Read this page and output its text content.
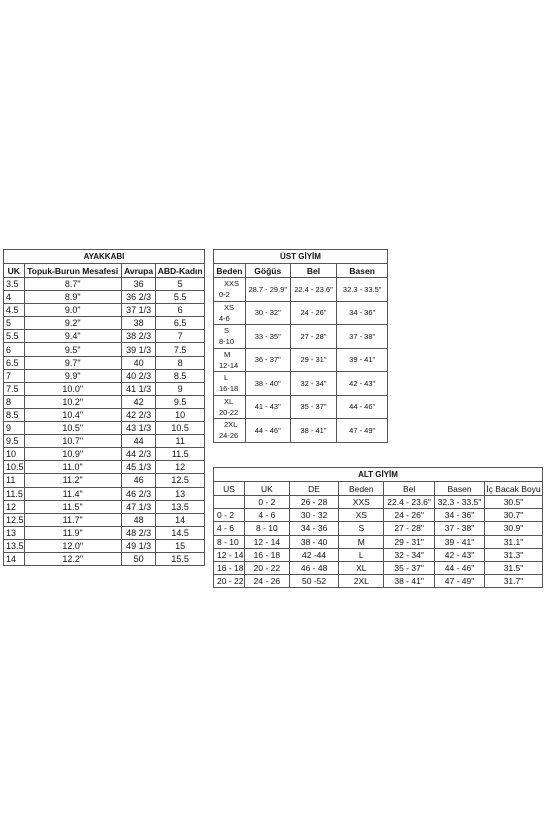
AYAKKABI			
UK	Topuk-Burun Mesafesi	Avrupa	ABD-Kadın
3.5	8.7"	36	5
4	8.9"	36 2/3	5.5
4.5	9.0"	37 1/3	6
5	9.2"	38	6.5
5.5	9.4"	38 2/3	7
6	9.5"	39 1/3	7.5
6.5	9.7"	40	8
7	9.9"	40 2/3	8.5
7.5	10.0"	41 1/3	9
8	10.2"	42	9.5
8.5	10.4"	42 2/3	10
9	10.5"	43 1/3	10.5
9.5	10.7"	44	11
10	10.9"	44 2/3	11.5
10.5	11.0"	45 1/3	12
11	11.2"	46	12.5
11.5	11.4"	46 2/3	13
12	11.5"	47 1/3	13.5
12.5	11.7"	48	14
13	11.9"	48 2/3	14.5
13.5	12.0"	49 1/3	15
14	12.2"	50	15.5
ÜST GİYİM			
Beden	Göğüs	Bel	Basen

XXS
0-2	28.7 - 29.9"	22.4 - 23.6"	32.3 - 33.5"

XS
4-6	30 - 32"	24 - 26"	34 - 36"

S
8-10	33 - 35"	27 - 28"	37 - 38"

M
12-14	36 - 37"	29 - 31"	39 - 41"

L
16-18	38 - 40"	32 - 34"	42 - 43"

XL
20-22	41 - 43"	35 - 37"	44 - 46"

2XL
24-26	44 - 46"	38 - 41"	47 - 49"
ALT GİYİM						
US	UK	DE	Beden	Bel	Basen	İç Bacak Boyu
	0 - 2	26 - 28	XXS	22.4 - 23.6"	32.3 - 33.5"	30.5"
0 - 2	4 - 6	30 - 32	XS	24 - 26"	34 - 36"	30.7"
4 - 6	8 - 10	34 - 36	S	27 - 28"	37 - 38"	30.9"
8 - 10	12 - 14	38 - 40	M	29 - 31"	39 - 41"	31.1"
12 - 14	16 - 18	42 -44	L	32 - 34"	42 - 43"	31.3"
16 - 18	20 - 22	46 - 48	XL	35 - 37"	44 - 46"	31.5"
20 - 22	24 - 26	50 -52	2XL	38 - 41"	47 - 49"	31.7"
